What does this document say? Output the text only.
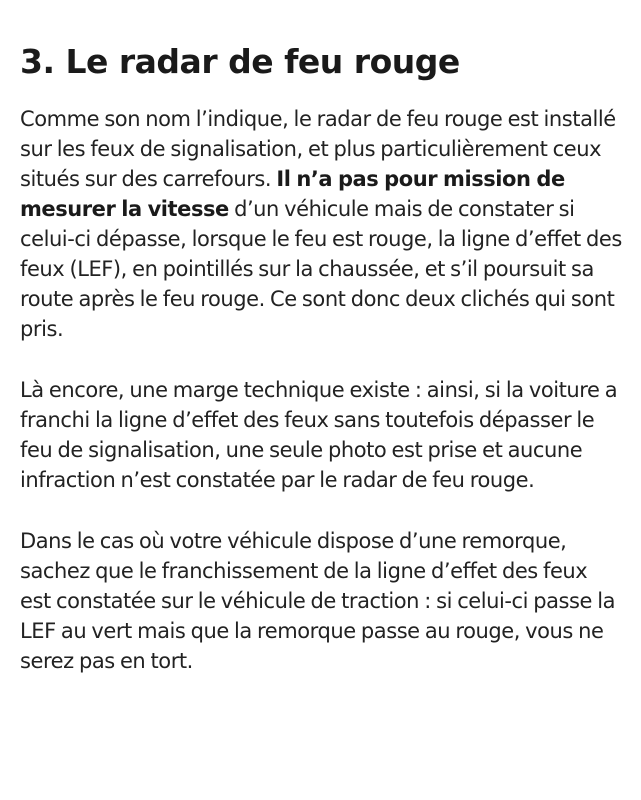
3. Le radar de feu rouge

Comme son nom l’indique, le radar de feu rouge est installé sur les feux de signalisation, et plus particulièrement ceux situés sur des carrefours. Il n’a pas pour mission de mesurer la vitesse d’un véhicule mais de constater si celui-ci dépasse, lorsque le feu est rouge, la ligne d’effet des feux (LEF), en pointillés sur la chaussée, et s’il poursuit sa route après le feu rouge. Ce sont donc deux clichés qui sont pris.

Là encore, une marge technique existe : ainsi, si la voiture a franchi la ligne d’effet des feux sans toutefois dépasser le feu de signalisation, une seule photo est prise et aucune infraction n’est constatée par le radar de feu rouge.

Dans le cas où votre véhicule dispose d’une remorque, sachez que le franchissement de la ligne d’effet des feux est constatée sur le véhicule de traction : si celui-ci passe la LEF au vert mais que la remorque passe au rouge, vous ne serez pas en tort.
